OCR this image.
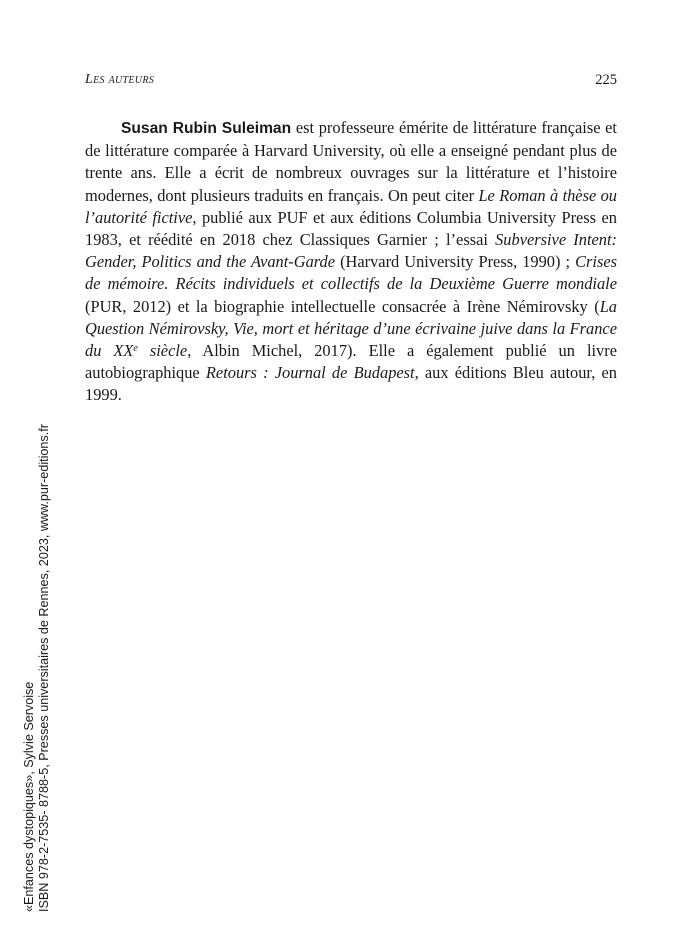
Les auteurs	225

Susan Rubin Suleiman est professeure émérite de littérature française et de littérature comparée à Harvard University, où elle a enseigné pendant plus de trente ans. Elle a écrit de nombreux ouvrages sur la littérature et l’histoire modernes, dont plusieurs traduits en français. On peut citer Le Roman à thèse ou l’autorité fictive, publié aux PUF et aux éditions Columbia University Press en 1983, et réédité en 2018 chez Classiques Garnier ; l’essai Subversive Intent: Gender, Politics and the Avant-Garde (Harvard University Press, 1990) ; Crises de mémoire. Récits individuels et collectifs de la Deuxième Guerre mondiale (PUR, 2012) et la biographie intellectuelle consacrée à Irène Némirovsky (La Question Némirovsky, Vie, mort et héritage d’une écrivaine juive dans la France du XXe siècle, Albin Michel, 2017). Elle a également publié un livre autobiographique Retours : Journal de Budapest, aux éditions Bleu autour, en 1999.

«Enfances dystopiques», Sylvie Servoise ISBN 978-2-7535- 8788-5, Presses universitaires de Rennes, 2023, www.pur-editions.fr
